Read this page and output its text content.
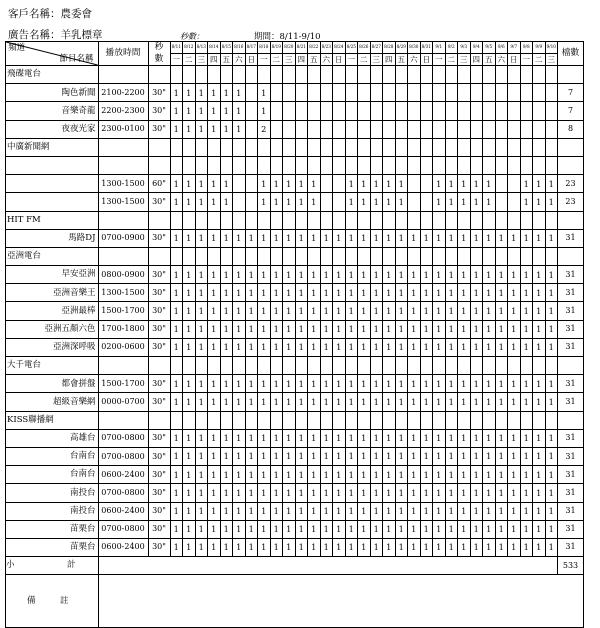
客戶名稱：農委會
廣告名稱：羊乳標章	秒數：	期間：8/11-9/10
頻道
節目名稱	播放時間	秒數	8/11	8/12	8/13	8/14	8/15	8/16	8/17	8/18	8/19	8/20	8/21	8/22	8/23	8/24	8/25	8/26	8/27	8/28	8/29	8/30	8/31	9/1	9/2	9/3	9/4	9/5	9/6	9/7	9/8	9/9	9/10	檔數
			一	二	三	四	五	六	日	一	二	三	四	五	六	日	一	二	三	四	五	六	日	一	二	三	四	五	六	日	一	二	三	
飛碟電台																																		
陶色新聞	2100-2200	30"	1	1	1	1	1	1		1																								7
音樂奇龍	2200-2300	30"	1	1	1	1	1	1		1																								7
夜夜光家	2300-0100	30"	1	1	1	1	1	1		2																								8
中廣新聞網																																		

	1300-1500	60"	1	1	1	1	1			1	1	1	1	1			1	1	1	1	1			1	1	1	1	1			1	1	1	23
	1300-1500	30"	1	1	1	1	1			1	1	1	1	1			1	1	1	1	1			1	1	1	1	1			1	1	1	23
HIT FM																																		
馬路DJ	0700-0900	30"	1	1	1	1	1	1	1	1	1	1	1	1	1	1	1	1	1	1	1	1	1	1	1	1	1	1	1	1	1	1	1	31
亞洲電台																																		
早安亞洲	0800-0900	30"	1	1	1	1	1	1	1	1	1	1	1	1	1	1	1	1	1	1	1	1	1	1	1	1	1	1	1	1	1	1	1	31
亞洲音樂王	1300-1500	30"	1	1	1	1	1	1	1	1	1	1	1	1	1	1	1	1	1	1	1	1	1	1	1	1	1	1	1	1	1	1	1	31
亞洲最棒	1500-1700	30"	1	1	1	1	1	1	1	1	1	1	1	1	1	1	1	1	1	1	1	1	1	1	1	1	1	1	1	1	1	1	1	31
亞洲五顏六色	1700-1800	30"	1	1	1	1	1	1	1	1	1	1	1	1	1	1	1	1	1	1	1	1	1	1	1	1	1	1	1	1	1	1	1	31
亞洲深呼吸	0200-0600	30"	1	1	1	1	1	1	1	1	1	1	1	1	1	1	1	1	1	1	1	1	1	1	1	1	1	1	1	1	1	1	1	31
大千電台																																		
都會拼盤	1500-1700	30"	1	1	1	1	1	1	1	1	1	1	1	1	1	1	1	1	1	1	1	1	1	1	1	1	1	1	1	1	1	1	1	31
超級音樂網	0000-0700	30"	1	1	1	1	1	1	1	1	1	1	1	1	1	1	1	1	1	1	1	1	1	1	1	1	1	1	1	1	1	1	1	31
KISS聯播網																																		
高雄台	0700-0800	30"	1	1	1	1	1	1	1	1	1	1	1	1	1	1	1	1	1	1	1	1	1	1	1	1	1	1	1	1	1	1	1	31
台南台	0700-0800	30"	1	1	1	1	1	1	1	1	1	1	1	1	1	1	1	1	1	1	1	1	1	1	1	1	1	1	1	1	1	1	1	31
台南台	0600-2400	30"	1	1	1	1	1	1	1	1	1	1	1	1	1	1	1	1	1	1	1	1	1	1	1	1	1	1	1	1	1	1	1	31
南投台	0700-0800	30"	1	1	1	1	1	1	1	1	1	1	1	1	1	1	1	1	1	1	1	1	1	1	1	1	1	1	1	1	1	1	1	31
南投台	0600-2400	30"	1	1	1	1	1	1	1	1	1	1	1	1	1	1	1	1	1	1	1	1	1	1	1	1	1	1	1	1	1	1	1	31
苗栗台	0700-0800	30"	1	1	1	1	1	1	1	1	1	1	1	1	1	1	1	1	1	1	1	1	1	1	1	1	1	1	1	1	1	1	1	31
苗栗台	0600-2400	30"	1	1	1	1	1	1	1	1	1	1	1	1	1	1	1	1	1	1	1	1	1	1	1	1	1	1	1	1	1	1	1	31
小　計																																		533
備　註																																		
